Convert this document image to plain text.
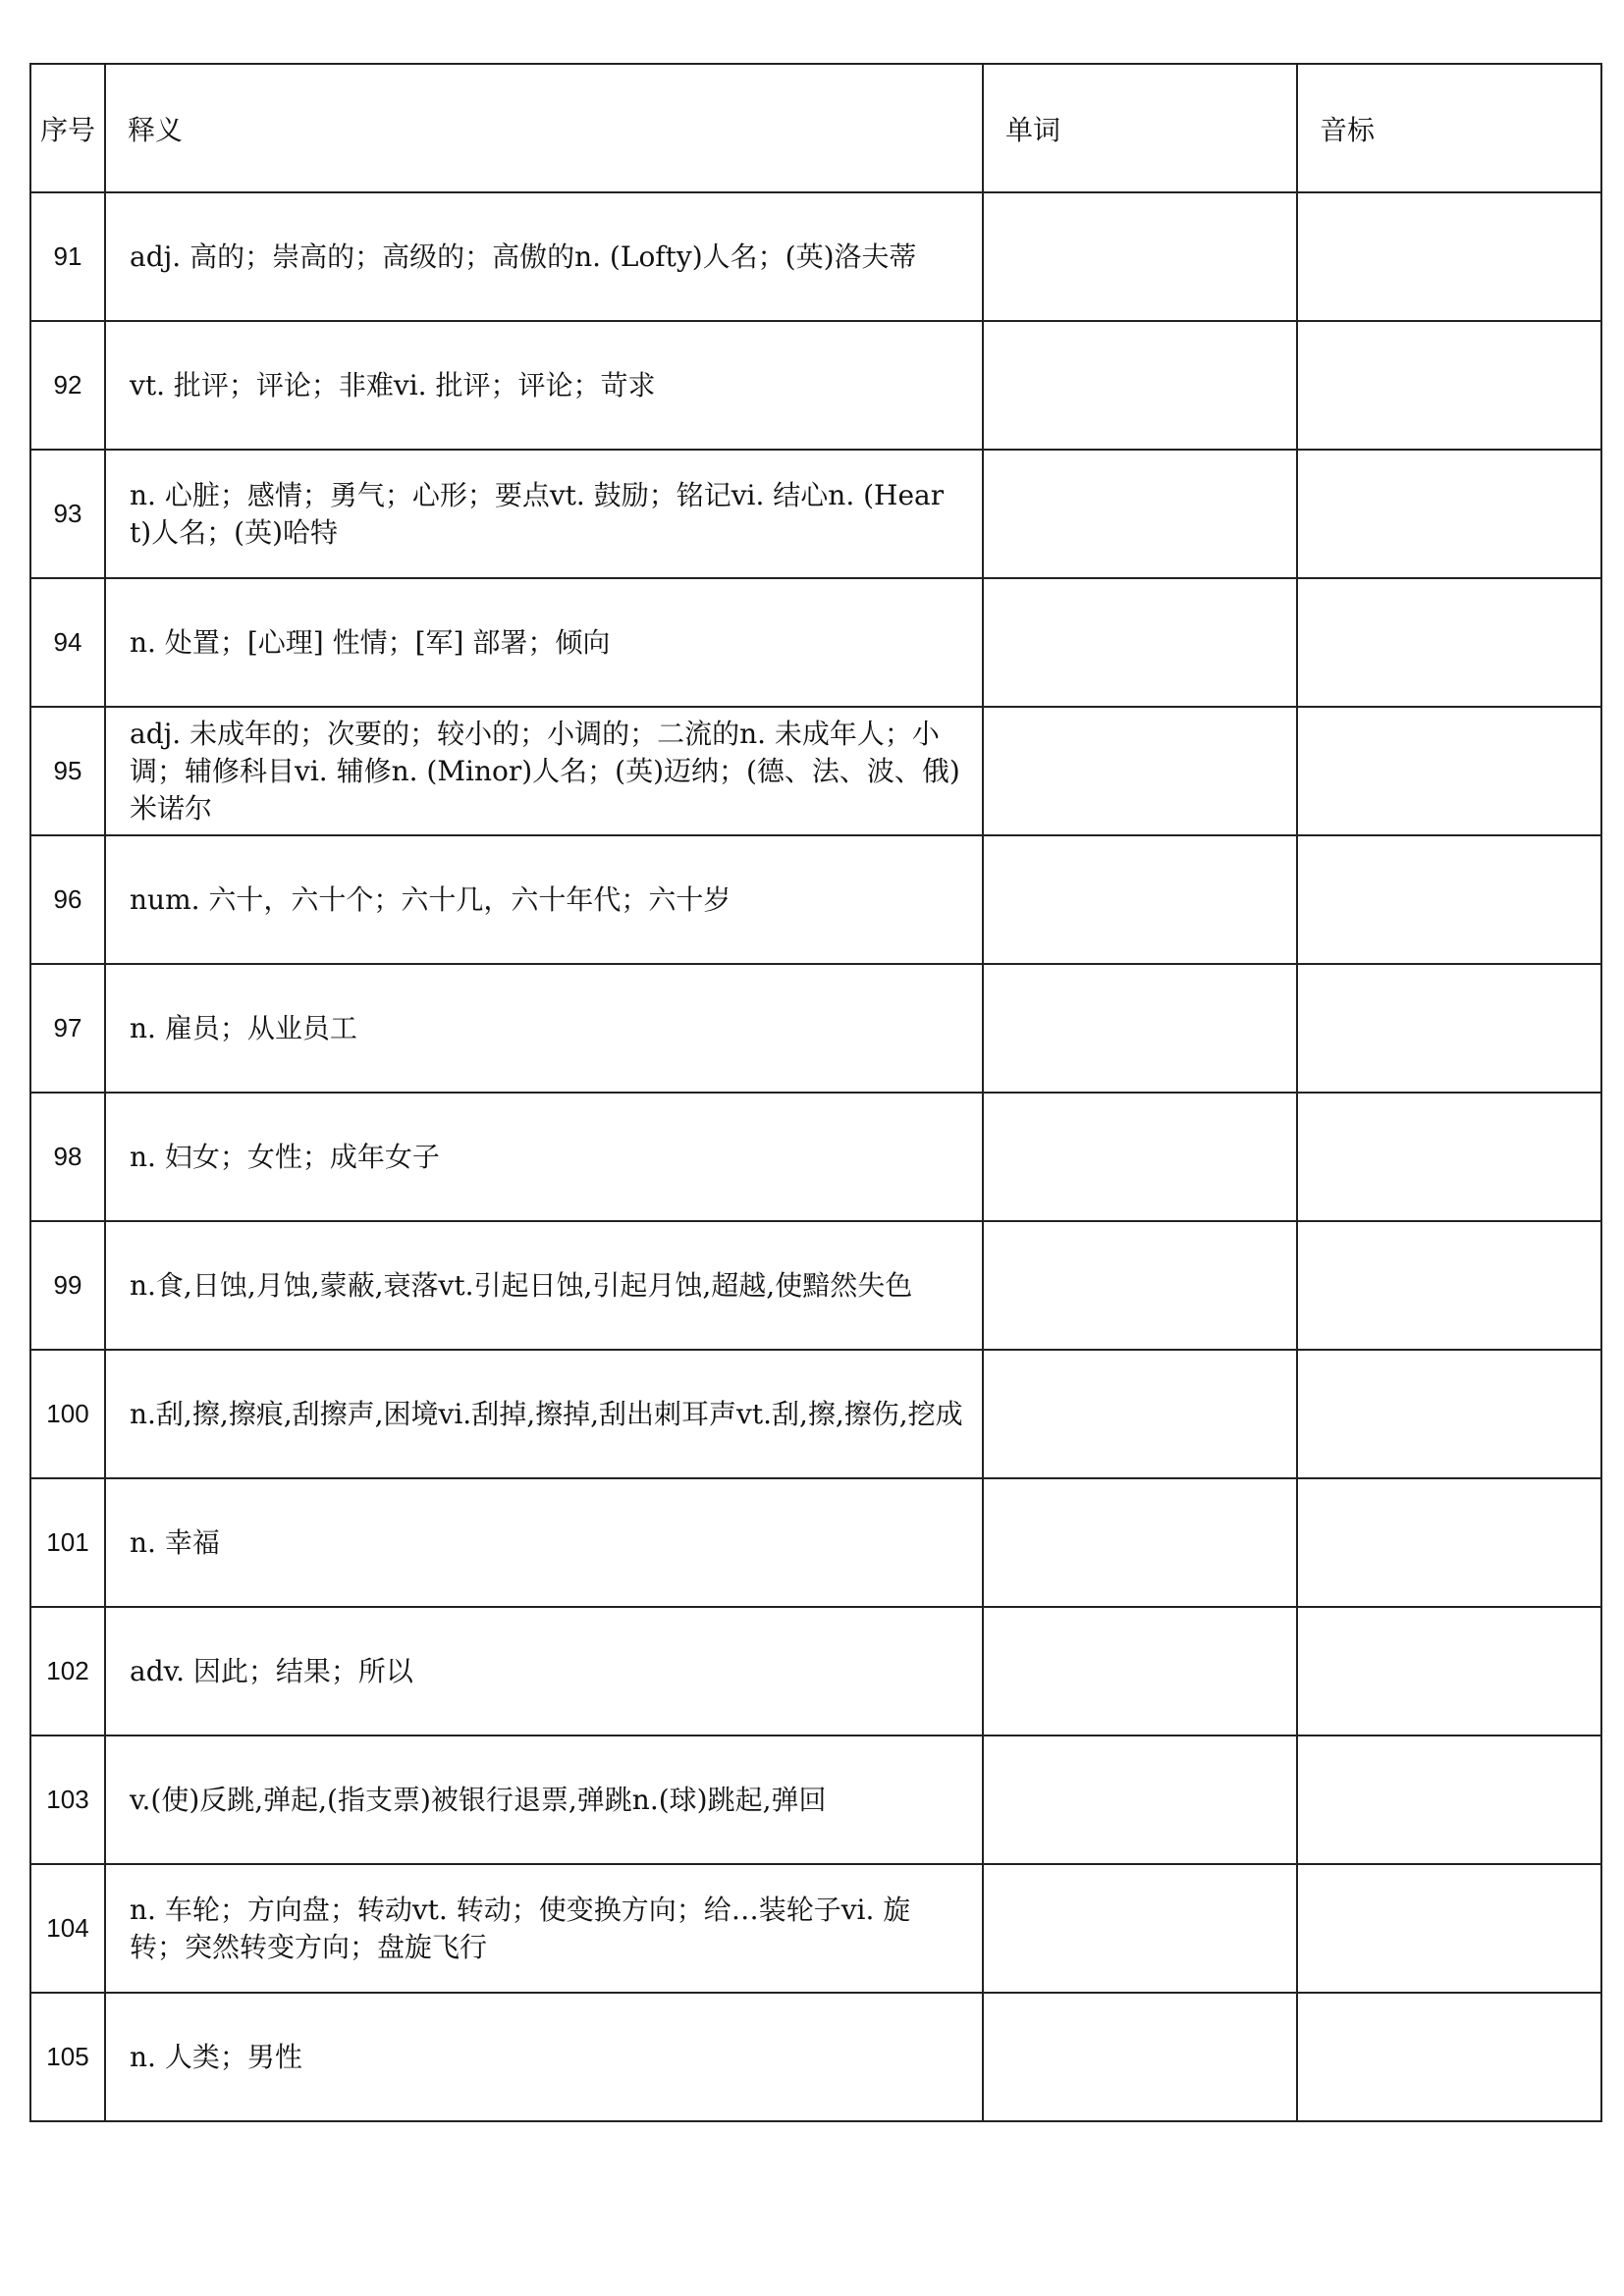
序号	释义	单词	音标
91	adj. 高的；崇高的；高级的；高傲的n. (Lofty)人名；(英)洛夫蒂		
92	vt. 批评；评论；非难vi. 批评；评论；苛求		
93	n. 心脏；感情；勇气；心形；要点vt. 鼓励；铭记vi. 结心n. (Heart)人名；(英)哈特		
94	n. 处置；[心理] 性情；[军] 部署；倾向		
95	adj. 未成年的；次要的；较小的；小调的；二流的n. 未成年人；小调；辅修科目vi. 辅修n. (Minor)人名；(英)迈纳；(德、法、波、俄)米诺尔		
96	num. 六十，六十个；六十几，六十年代；六十岁		
97	n. 雇员；从业员工		
98	n. 妇女；女性；成年女子		
99	n.食,日蚀,月蚀,蒙蔽,衰落vt.引起日蚀,引起月蚀,超越,使黯然失色		
100	n.刮,擦,擦痕,刮擦声,困境vi.刮掉,擦掉,刮出刺耳声vt.刮,擦,擦伤,挖成		
101	n. 幸福		
102	adv. 因此；结果；所以		
103	v.(使)反跳,弹起,(指支票)被银行退票,弹跳n.(球)跳起,弹回		
104	n. 车轮；方向盘；转动vt. 转动；使变换方向；给…装轮子vi. 旋转；突然转变方向；盘旋飞行		
105	n. 人类；男性		
